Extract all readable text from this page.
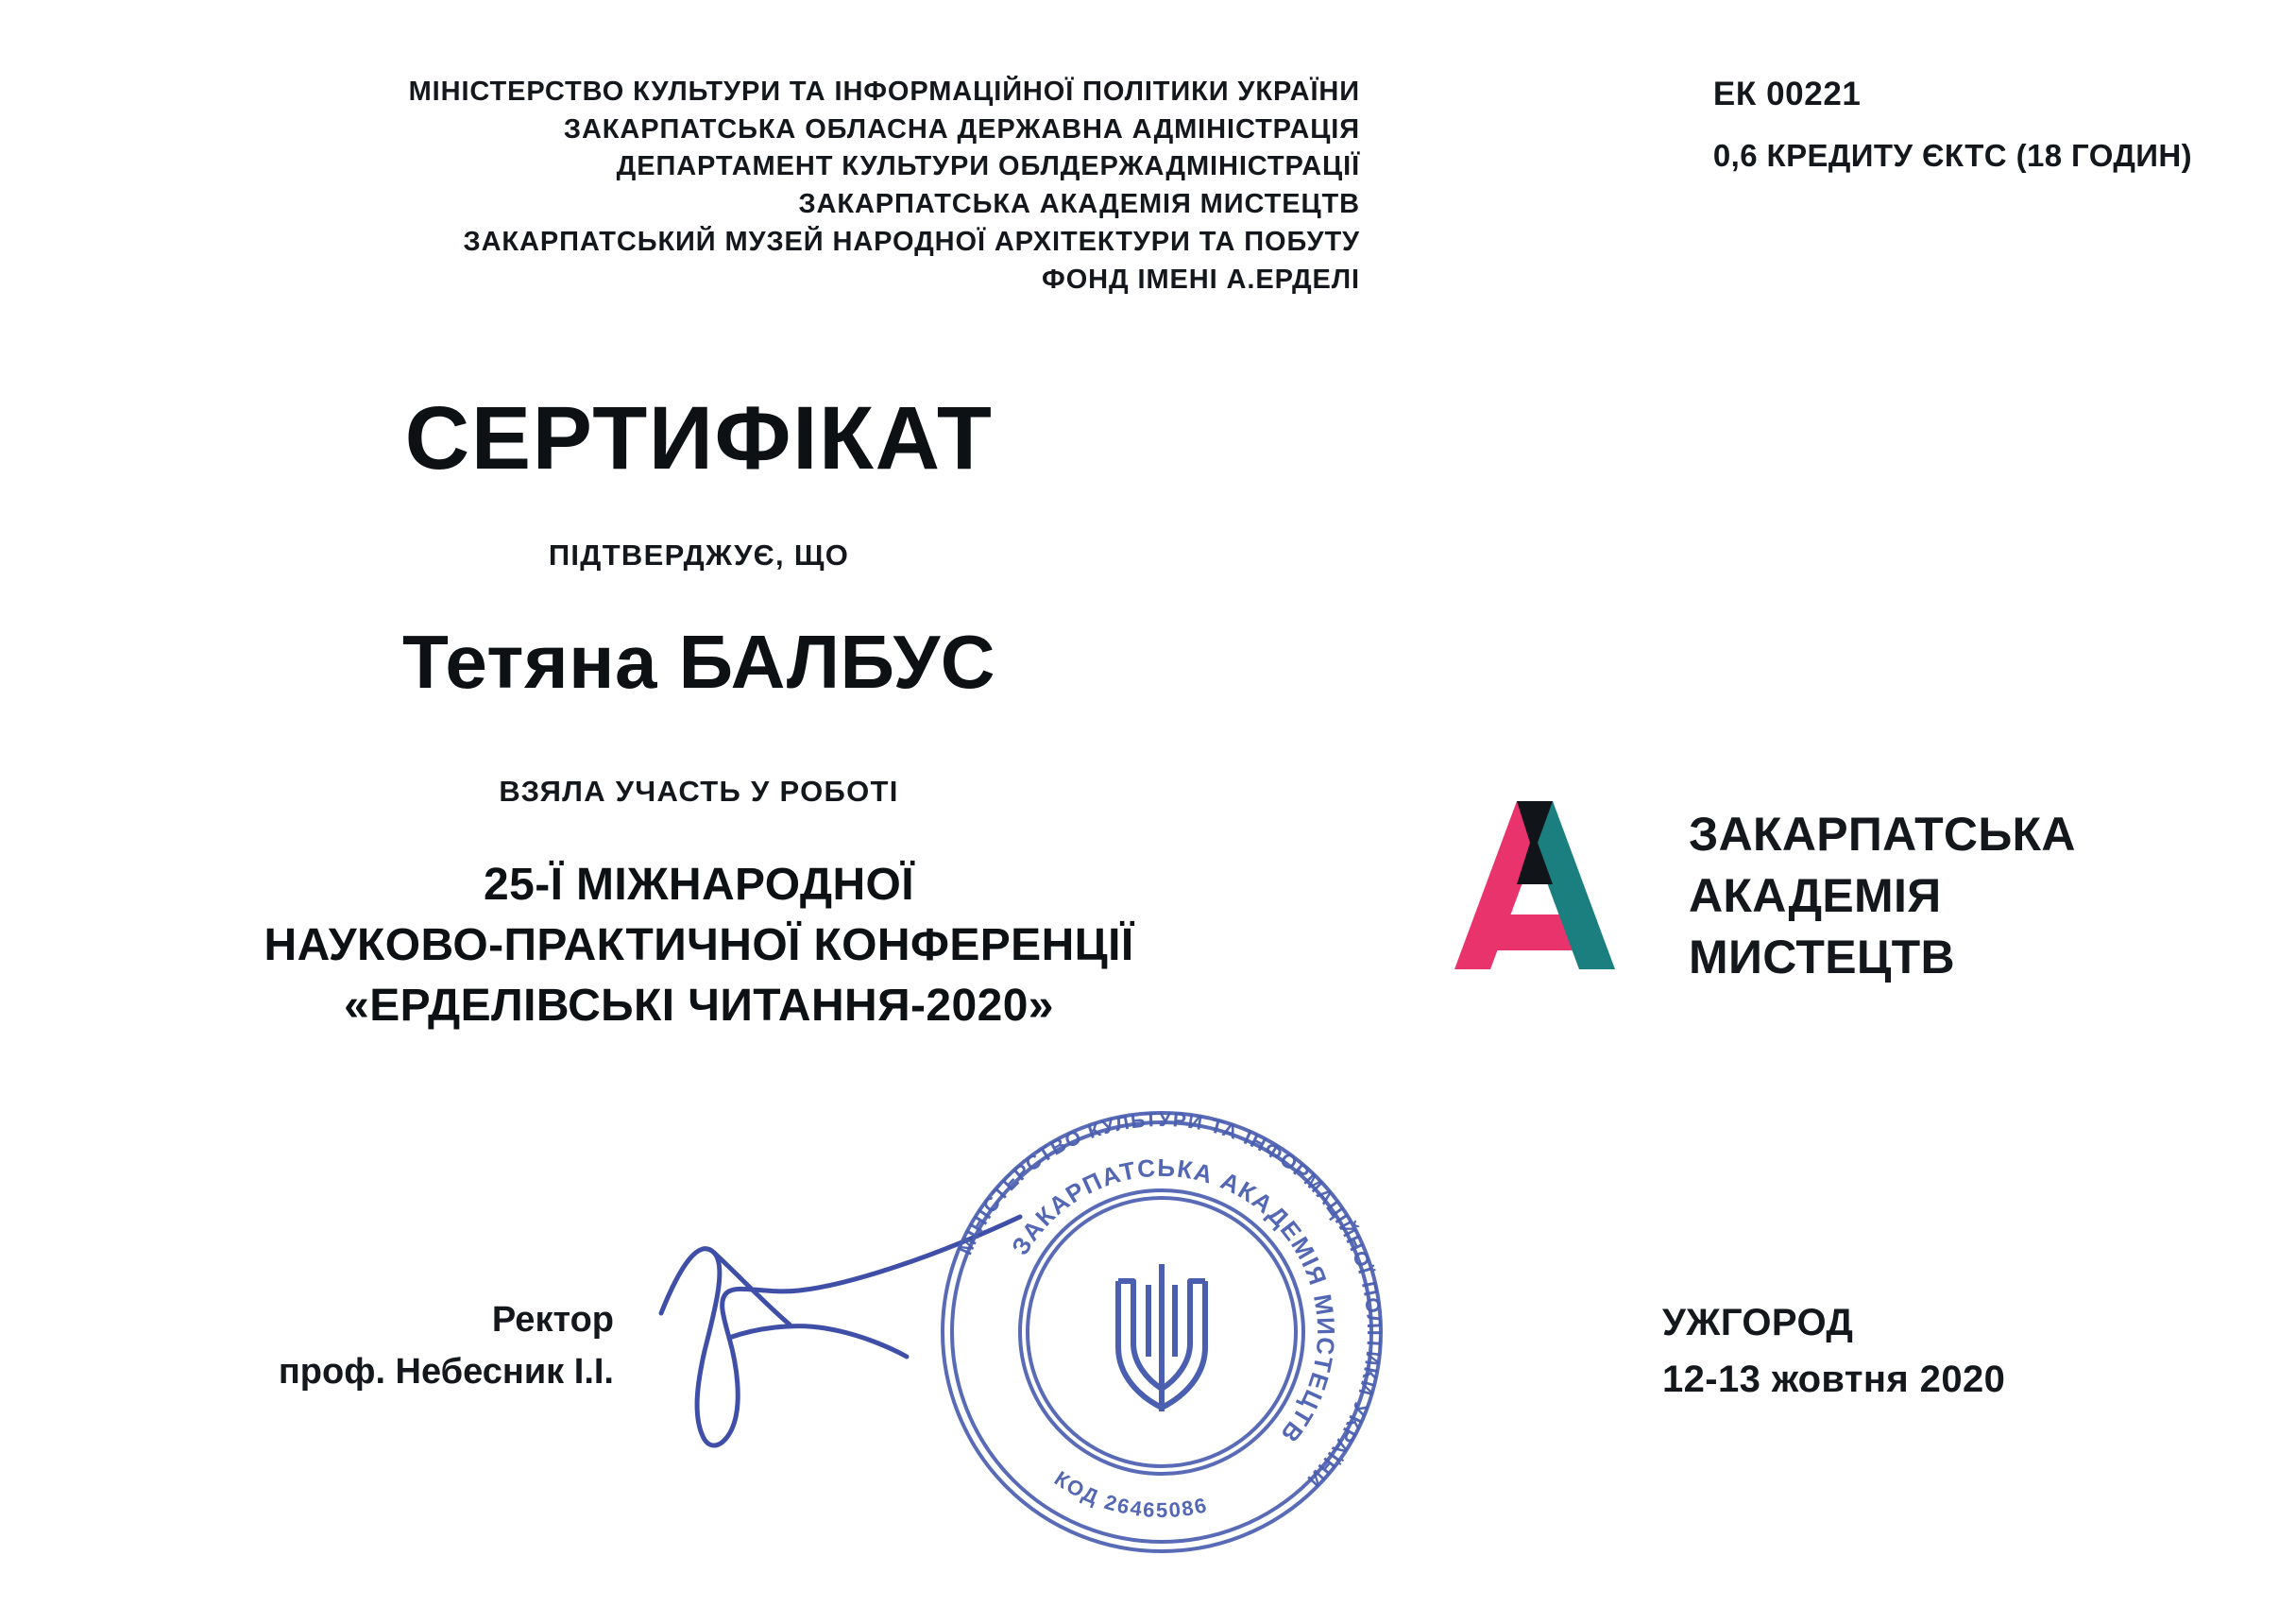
МІНІСТЕРСТВО КУЛЬТУРИ ТА ІНФОРМАЦІЙНОЇ ПОЛІТИКИ УКРАЇНИ
ЗАКАРПАТСЬКА ОБЛАСНА ДЕРЖАВНА АДМІНІСТРАЦІЯ
ДЕПАРТАМЕНТ КУЛЬТУРИ ОБЛДЕРЖАДМІНІСТРАЦІЇ
ЗАКАРПАТСЬКА АКАДЕМІЯ МИСТЕЦТВ
ЗАКАРПАТСЬКИЙ МУЗЕЙ НАРОДНОЇ АРХІТЕКТУРИ ТА ПОБУТУ
ФОНД ІМЕНІ А.ЕРДЕЛІ
ЕК 00221
0,6 КРЕДИТУ ЄКТС (18 ГОДИН)
СЕРТИФІКАТ
ПІДТВЕРДЖУЄ, ЩО
Тетяна БАЛБУС
ВЗЯЛА УЧАСТЬ У РОБОТІ
25-Ї МІЖНАРОДНОЇ
НАУКОВО-ПРАКТИЧНОЇ КОНФЕРЕНЦІЇ
«ЕРДЕЛІВСЬКІ ЧИТАННЯ-2020»
ЗАКАРПАТСЬКА
АКАДЕМІЯ
МИСТЕЦТВ
Ректор
проф. Небесник І.І.
МІНІСТЕРСТВО КУЛЬТУРИ ТА ІНФОРМАЦІЙНОЇ ПОЛІТИКИ УКРАЇНИ
ЗАКАРПАТСЬКА АКАДЕМІЯ МИСТЕЦТВ
КОД 26465086
УЖГОРОД
12-13 жовтня 2020
